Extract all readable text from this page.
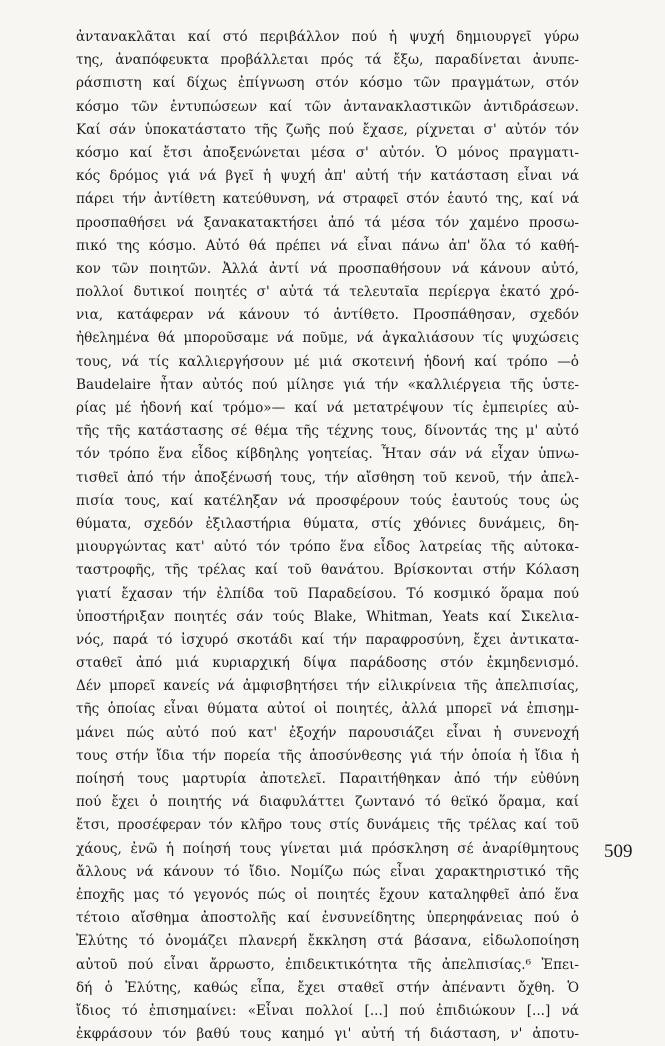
ἀντανακλᾶται καί στό περιβάλλον πού ἡ ψυχή δημιουργεῖ γύρω
της, ἀναπόφευκτα προβάλλεται πρός τά ἔξω, παραδίνεται ἀνυπε-
ράσπιστη καί δίχως ἐπίγνωση στόν κόσμο τῶν πραγμάτων, στόν
κόσμο τῶν ἐντυπώσεων καί τῶν ἀντανακλαστικῶν ἀντιδράσεων.
Καί σάν ὑποκατάστατο τῆς ζωῆς πού ἔχασε, ρίχνεται σ' αὐτόν τόν
κόσμο καί ἔτσι ἀποξενώνεται μέσα σ' αὐτόν. Ὁ μόνος πραγματι-
κός δρόμος γιά νά βγεῖ ἡ ψυχή ἀπ' αὐτή τήν κατάσταση εἶναι νά
πάρει τήν ἀντίθετη κατεύθυνση, νά στραφεῖ στόν ἑαυτό της, καί νά
προσπαθήσει νά ξανακατακτήσει ἀπό τά μέσα τόν χαμένο προσω-
πικό της κόσμο. Αὐτό θά πρέπει νά εἶναι πάνω ἀπ' ὅλα τό καθή-
κον τῶν ποιητῶν. Ἀλλά ἀντί νά προσπαθήσουν νά κάνουν αὐτό,
πολλοί δυτικοί ποιητές σ' αὐτά τά τελευταῖα περίεργα ἑκατό χρό-
νια, κατάφεραν νά κάνουν τό ἀντίθετο. Προσπάθησαν, σχεδόν
ἠθελημένα θά μποροῦσαμε νά ποῦμε, νά ἀγκαλιάσουν τίς ψυχώσεις
τους, νά τίς καλλιεργήσουν μέ μιά σκοτεινή ἡδονή καί τρόπο —ὁ
Baudelaire ἦταν αὐτός πού μίλησε γιά τήν «καλλιέργεια τῆς ὑστε-
ρίας μέ ἡδονή καί τρόμο»— καί νά μετατρέψουν τίς ἐμπειρίες αὐ-
τῆς τῆς κατάστασης σέ θέμα τῆς τέχνης τους, δίνοντάς της μ' αὐτό
τόν τρόπο ἕνα εἶδος κίβδηλης γοητείας. Ἦταν σάν νά εἶχαν ὑπνω-
τισθεῖ ἀπό τήν ἀποξένωσή τους, τήν αἴσθηση τοῦ κενοῦ, τήν ἀπελ-
πισία τους, καί κατέληξαν νά προσφέρουν τούς ἑαυτούς τους ὡς
θύματα, σχεδόν ἐξιλαστήρια θύματα, στίς χθόνιες δυνάμεις, δη-
μιουργώντας κατ' αὐτό τόν τρόπο ἕνα εἶδος λατρείας τῆς αὐτοκα-
ταστροφῆς, τῆς τρέλας καί τοῦ θανάτου. Βρίσκονται στήν Κόλαση
γιατί ἔχασαν τήν ἐλπίδα τοῦ Παραδείσου. Τό κοσμικό ὅραμα πού
ὑποστήριξαν ποιητές σάν τούς Blake, Whitman, Yeats καί Σικελια-
νός, παρά τό ἰσχυρό σκοτάδι καί τήν παραφροσύνη, ἔχει ἀντικατα-
σταθεῖ ἀπό μιά κυριαρχική δίψα παράδοσης στόν ἐκμηδενισμό.
Δέν μπορεῖ κανείς νά ἀμφισβητήσει τήν εἰλικρίνεια τῆς ἀπελπισίας,
τῆς ὁποίας εἶναι θύματα αὐτοί οἱ ποιητές, ἀλλά μπορεῖ νά ἐπισημ-
μάνει πώς αὐτό πού κατ' ἐξοχήν παρουσιάζει εἶναι ἡ συνενοχή
τους στήν ἴδια τήν πορεία τῆς ἀποσύνθεσης γιά τήν ὁποία ἡ ἴδια ἡ
ποίησή τους μαρτυρία ἀποτελεῖ. Παραιτήθηκαν ἀπό τήν εὐθύνη
πού ἔχει ὁ ποιητής νά διαφυλάττει ζωντανό τό θεϊκό ὅραμα, καί
ἔτσι, προσέφεραν τόν κλῆρο τους στίς δυνάμεις τῆς τρέλας καί τοῦ
χάους, ἐνῶ ἡ ποίησή τους γίνεται μιά πρόσκληση σέ ἀναρίθμητους
ἄλλους νά κάνουν τό ἴδιο. Νομίζω πώς εἶναι χαρακτηριστικό τῆς
ἐποχῆς μας τό γεγονός πώς οἱ ποιητές ἔχουν καταληφθεῖ ἀπό ἕνα
τέτοιο αἴσθημα ἀποστολῆς καί ἐνσυνείδητης ὑπερηφάνειας πού ὁ
Ἐλύτης τό ὀνομάζει πλανερή ἔκκληση στά βάσανα, εἰδωλοποίηση
αὐτοῦ πού εἶναι ἄρρωστο, ἐπιδεικτικότητα τῆς ἀπελπισίας.⁶ Ἐπει-
δή ὁ Ἐλύτης, καθώς εἶπα, ἔχει σταθεῖ στήν ἀπέναντι ὄχθη. Ὁ
ἴδιος τό ἐπισημαίνει: «Εἶναι πολλοί [...] πού ἐπιδιώκουν [...] νά
ἐκφράσουν τόν βαθύ τους καημό γι' αὐτή τή διάσταση, ν' ἀποτυ-
509
